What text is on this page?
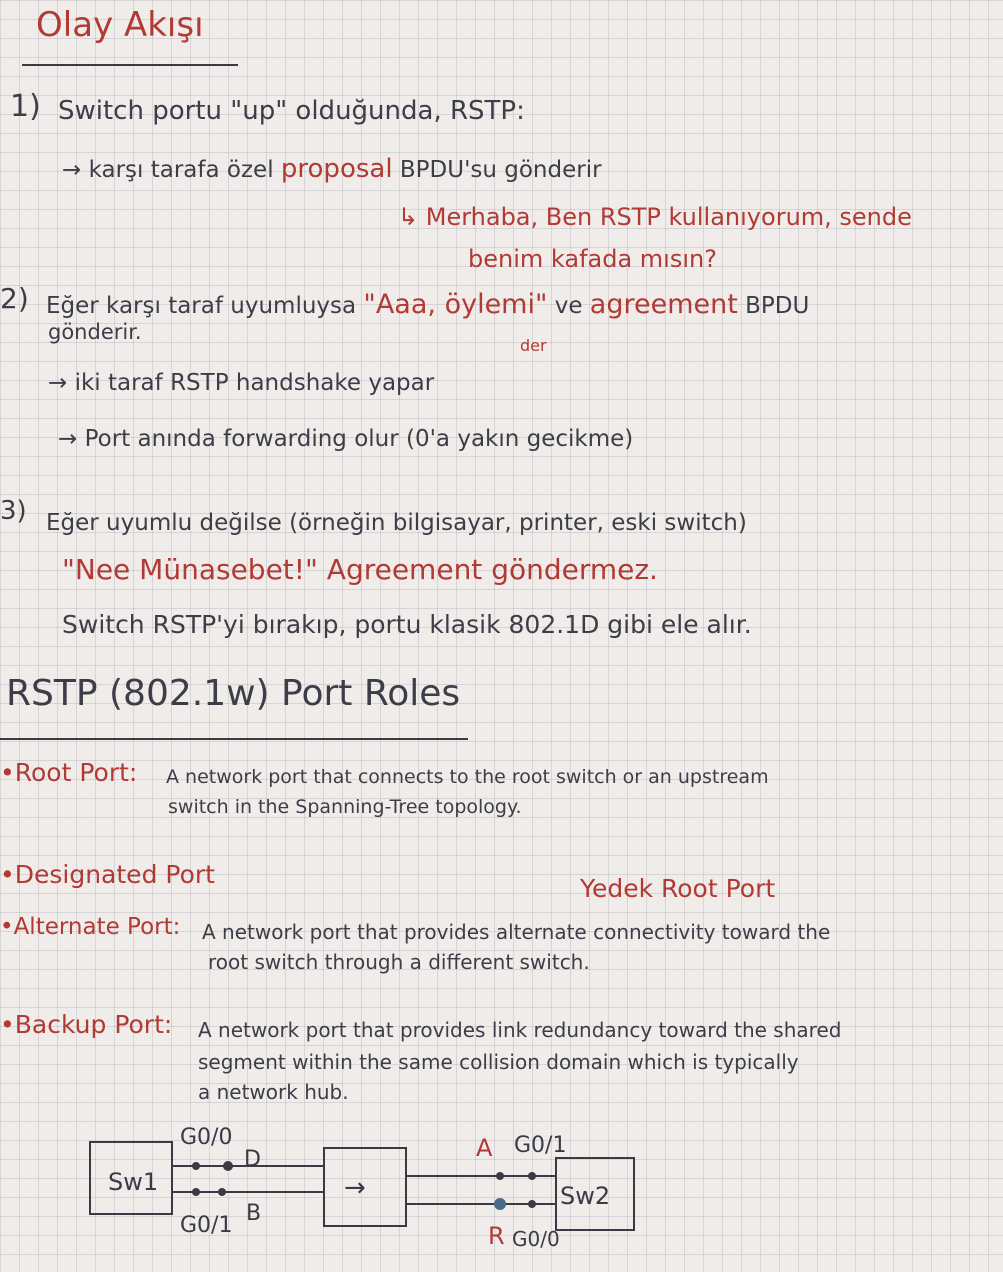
Olay Akışı
1) Switch portu "up" olduğunda, RSTP:
→ karşı tarafa özel proposal BPDU'su gönderir
↳ Merhaba, Ben RSTP kullanıyorum, sende
benim kafada mısın?
2) Eğer karşı taraf uyumluysa "Aaa, öylemi" ve agreement BPDU
gönderir.
der
→ iki taraf RSTP handshake yapar
→ Port anında forwarding olur (0'a yakın gecikme)
3) Eğer uyumlu değilse (örneğin bilgisayar, printer, eski switch)
"Nee Münasebet!" Agreement göndermez.
Switch RSTP'yi bırakıp, portu klasik 802.1D gibi ele alır.
RSTP (802.1w) Port Roles
•Root Port: A network port that connects to the root switch or an upstream
switch in the Spanning-Tree topology.
•Designated Port	Yedek Root Port
•Alternate Port: A network port that provides alternate connectivity toward the
root switch through a different switch.
•Backup Port: A network port that provides link redundancy toward the shared
segment within the same collision domain which is typically
a network hub.
Sw1	Sw2
→
G0/0
D
G0/1 B
G0/1
G0/0
A
R
